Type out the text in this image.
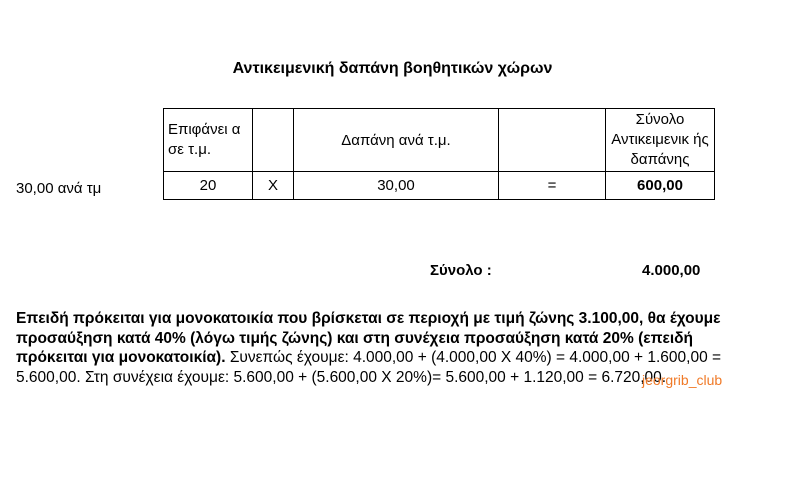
Αντικειμενική δαπάνη βοηθητικών χώρων
Επιφάνει α σε τ.μ.		Δαπάνη ανά τ.μ.		Σύνολο Αντικειμενικ ής δαπάνης
20	X	30,00	=	600,00
30,00 ανά τμ
Σύνολο :	4.000,00
Επειδή πρόκειται για μονοκατοικία που βρίσκεται σε περιοχή με τιμή ζώνης 3.100,00, θα έχουμε προσαύξηση κατά 40% (λόγω τιμής ζώνης) και στη συνέχεια προσαύξηση κατά 20% (επειδή πρόκειται για μονοκατοικία). Συνεπώς έχουμε: 4.000,00 + (4.000,00 Χ 40%) = 4.000,00 + 1.600,00 = 5.600,00. Στη συνέχεια έχουμε: 5.600,00 + (5.600,00 Χ 20%)= 5.600,00 + 1.120,00 = 6.720,00.
jeorgrib_club
